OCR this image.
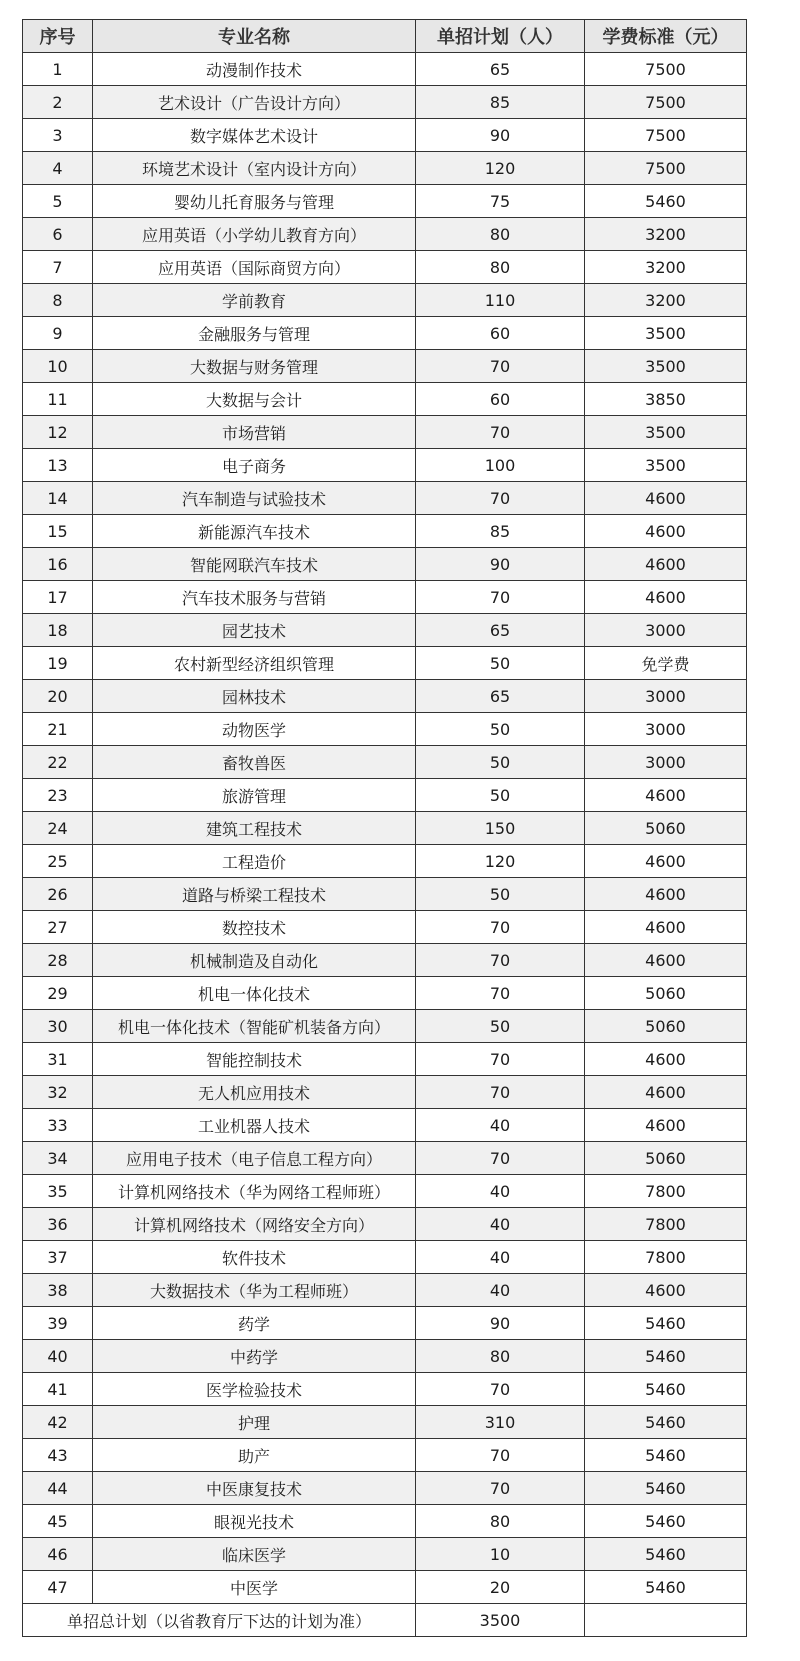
序号	专业名称	单招计划（人）	学费标准（元）
1	动漫制作技术	65	7500
2	艺术设计（广告设计方向）	85	7500
3	数字媒体艺术设计	90	7500
4	环境艺术设计（室内设计方向）	120	7500
5	婴幼儿托育服务与管理	75	5460
6	应用英语（小学幼儿教育方向）	80	3200
7	应用英语（国际商贸方向）	80	3200
8	学前教育	110	3200
9	金融服务与管理	60	3500
10	大数据与财务管理	70	3500
11	大数据与会计	60	3850
12	市场营销	70	3500
13	电子商务	100	3500
14	汽车制造与试验技术	70	4600
15	新能源汽车技术	85	4600
16	智能网联汽车技术	90	4600
17	汽车技术服务与营销	70	4600
18	园艺技术	65	3000
19	农村新型经济组织管理	50	免学费
20	园林技术	65	3000
21	动物医学	50	3000
22	畜牧兽医	50	3000
23	旅游管理	50	4600
24	建筑工程技术	150	5060
25	工程造价	120	4600
26	道路与桥梁工程技术	50	4600
27	数控技术	70	4600
28	机械制造及自动化	70	4600
29	机电一体化技术	70	5060
30	机电一体化技术（智能矿机装备方向）	50	5060
31	智能控制技术	70	4600
32	无人机应用技术	70	4600
33	工业机器人技术	40	4600
34	应用电子技术（电子信息工程方向）	70	5060
35	计算机网络技术（华为网络工程师班）	40	7800
36	计算机网络技术（网络安全方向）	40	7800
37	软件技术	40	7800
38	大数据技术（华为工程师班）	40	4600
39	药学	90	5460
40	中药学	80	5460
41	医学检验技术	70	5460
42	护理	310	5460
43	助产	70	5460
44	中医康复技术	70	5460
45	眼视光技术	80	5460
46	临床医学	10	5460
47	中医学	20	5460
单招总计划（以省教育厅下达的计划为准）		3500	
